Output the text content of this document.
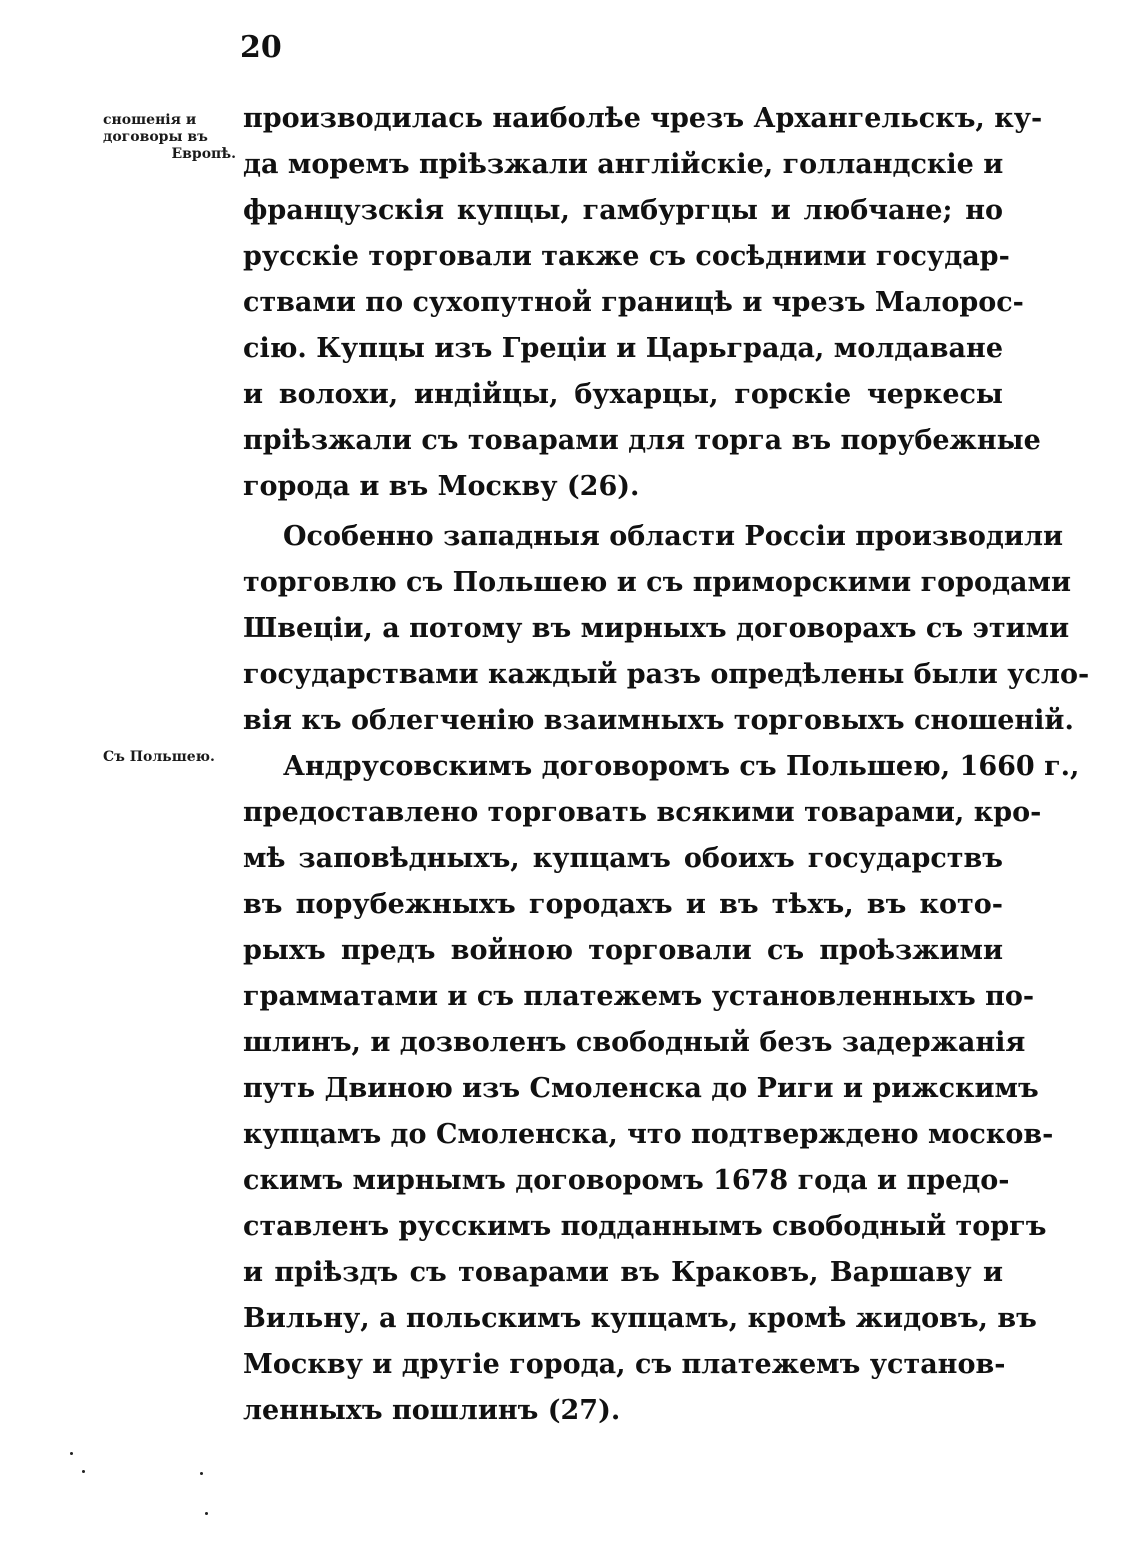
20
сношенія и
договоры въ
Европѣ.
Съ Польшею.
производилась наиболѣе чрезъ Архангельскъ, ку-
да моремъ пріѣзжали англійскіе, голландскіе и
французскія купцы, гамбургцы и любчане; но
русскіе торговали также съ сосѣдними государ-
ствами по сухопутной границѣ и чрезъ Малорос-
сію. Купцы изъ Греціи и Царьграда, молдаване
и волохи, индійцы, бухарцы, горскіе черкесы
пріѣзжали съ товарами для торга въ порубежные
города и въ Москву (26).
Особенно западныя области Россіи производили
торговлю съ Польшею и съ приморскими городами
Швеціи, а потому въ мирныхъ договорахъ съ этими
государствами каждый разъ опредѣлены были усло-
вія къ облегченію взаимныхъ торговыхъ сношеній.
Андрусовскимъ договоромъ съ Польшею, 1660 г.,
предоставлено торговать всякими товарами, кро-
мѣ заповѣдныхъ, купцамъ обоихъ государствъ
въ порубежныхъ городахъ и въ тѣхъ, въ кото-
рыхъ предъ войною торговали съ проѣзжими
грамматами и съ платежемъ установленныхъ по-
шлинъ, и дозволенъ свободный безъ задержанія
путь Двиною изъ Смоленска до Риги и рижскимъ
купцамъ до Смоленска, что подтверждено москов-
скимъ мирнымъ договоромъ 1678 года и предо-
ставленъ русскимъ подданнымъ свободный торгъ
и пріѣздъ съ товарами въ Краковъ, Варшаву и
Вильну, а польскимъ купцамъ, кромѣ жидовъ, въ
Москву и другіе города, съ платежемъ установ-
ленныхъ пошлинъ (27).
